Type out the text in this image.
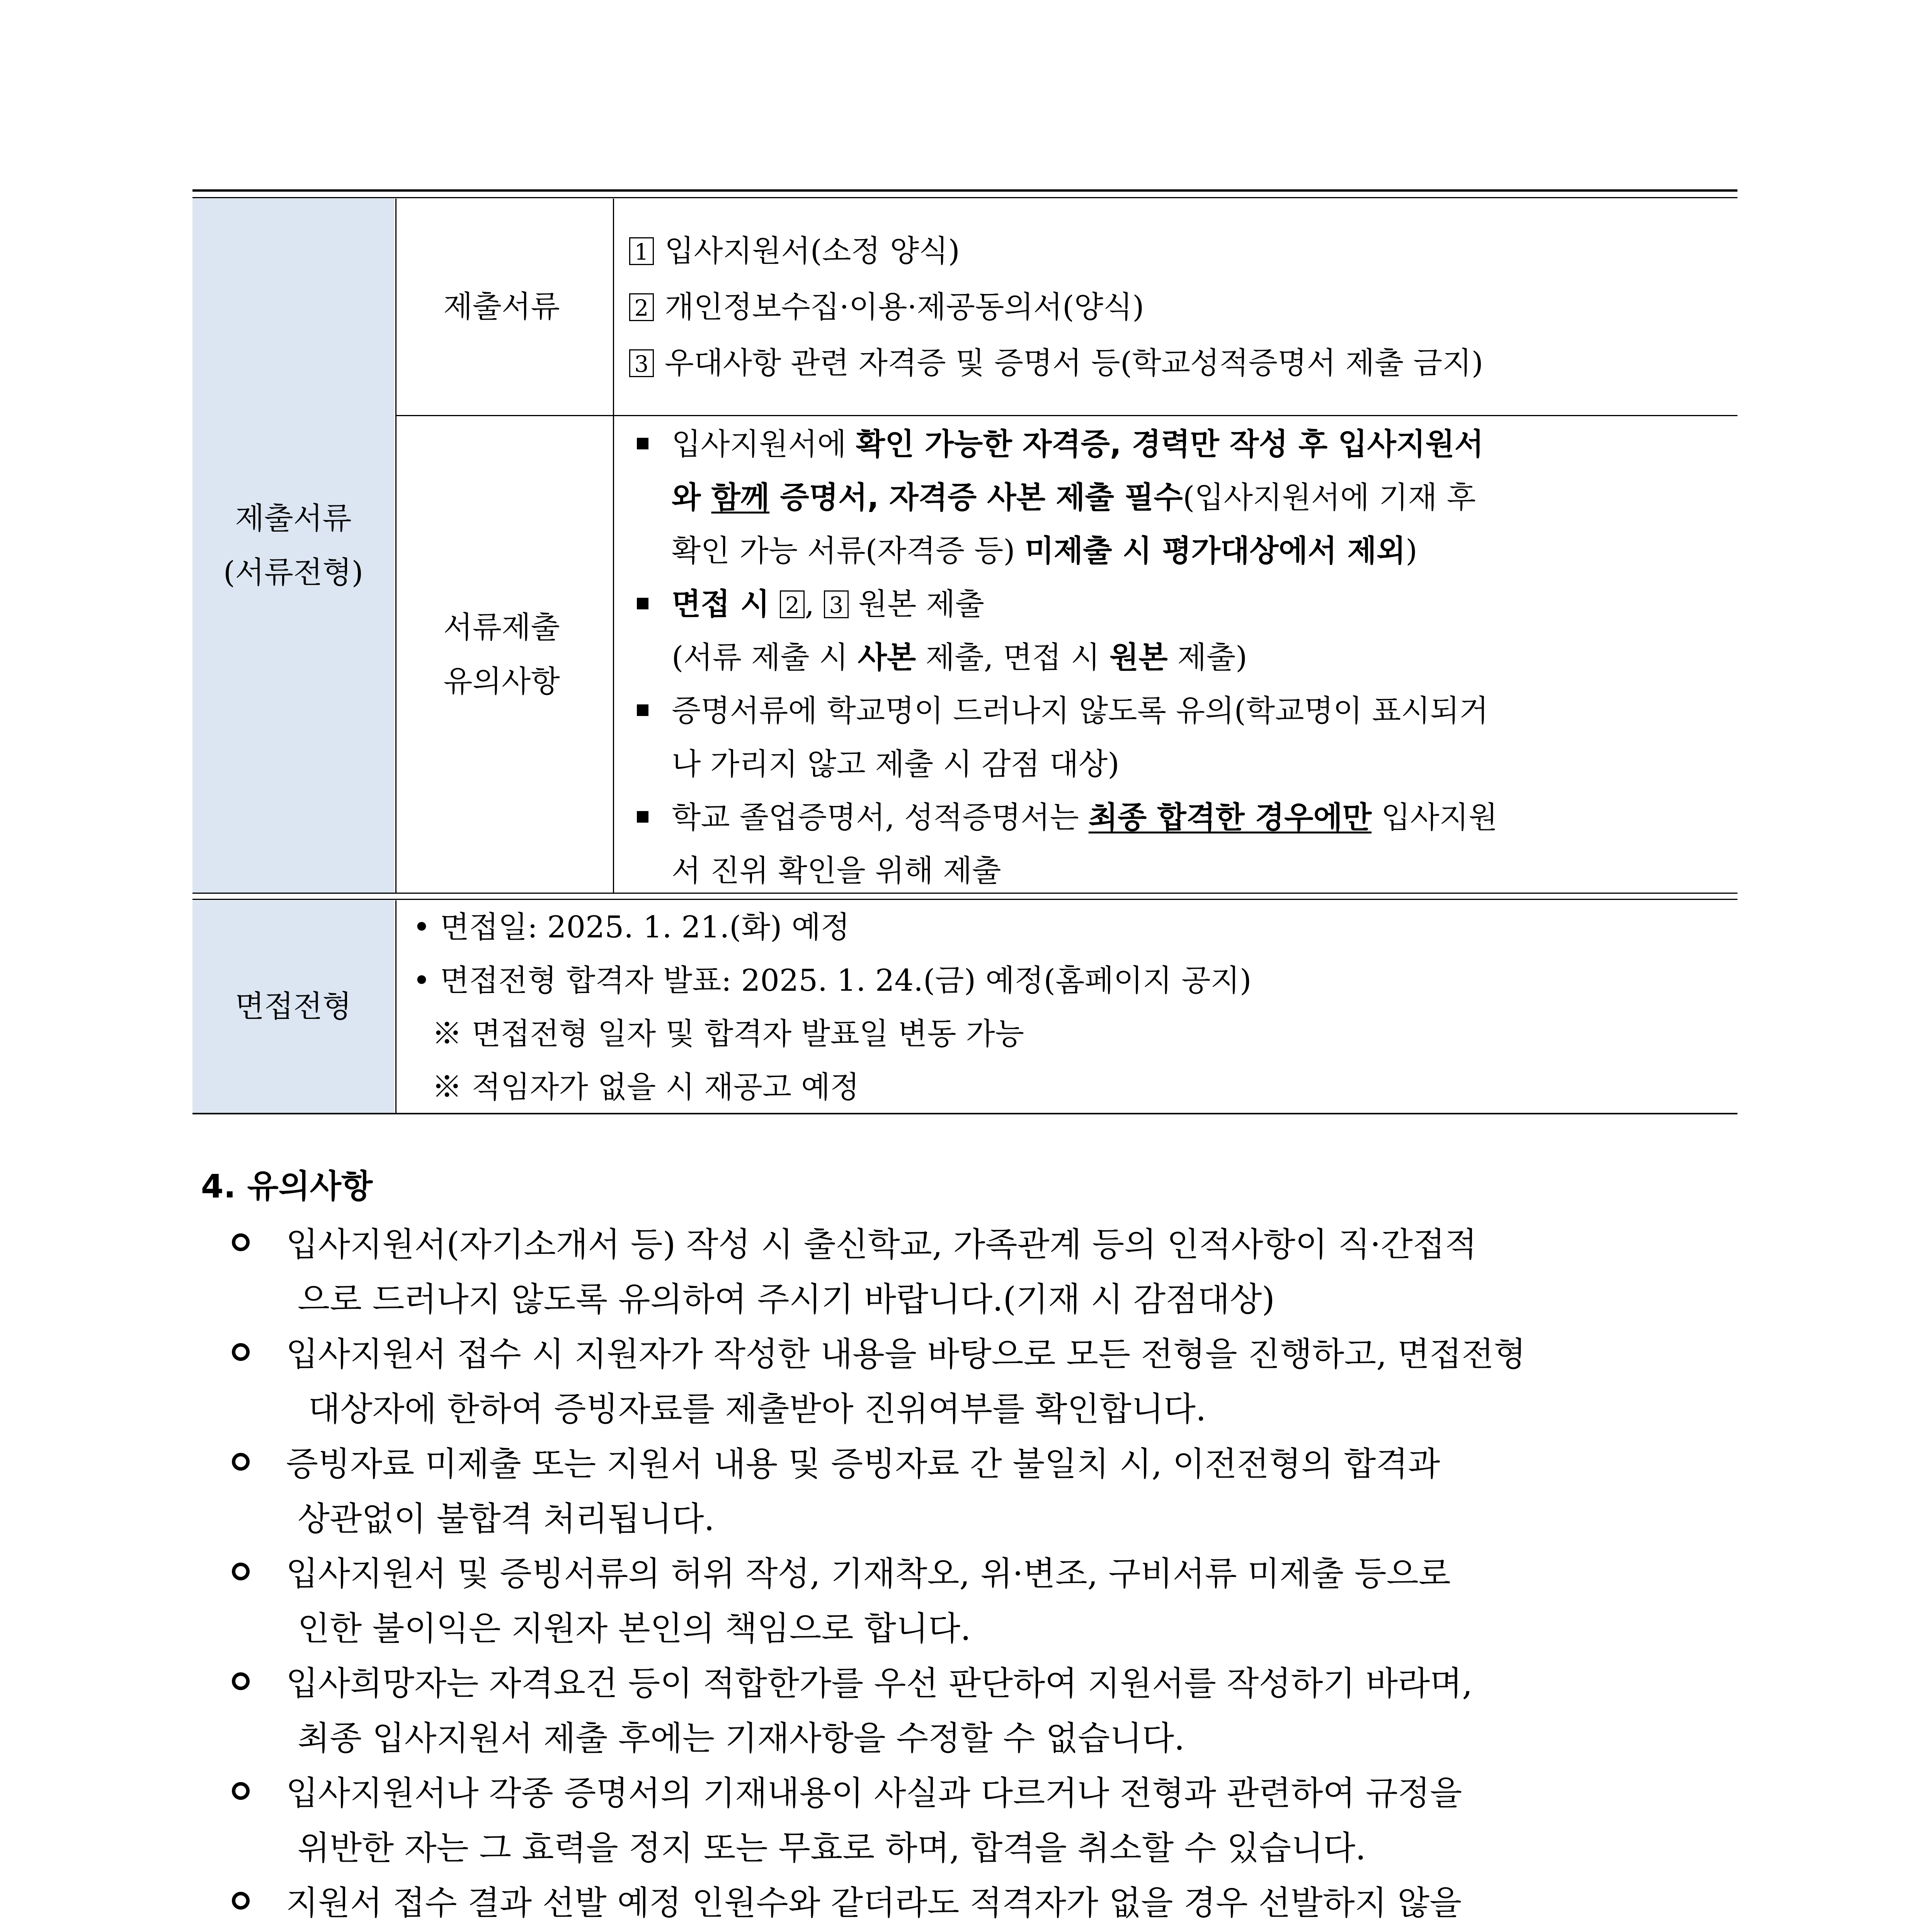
제출서류
(서류전형)
제출서류
1 입사지원서(소정 양식)
2 개인정보수집·이용·제공동의서(양식)
3 우대사항 관련 자격증 및 증명서 등(학교성적증명서 제출 금지)
서류제출
유의사항
입사지원서에 확인 가능한 자격증, 경력만 작성 후 입사지원서
와 함께 증명서, 자격증 사본 제출 필수(입사지원서에 기재 후
확인 가능 서류(자격증 등) 미제출 시 평가대상에서 제외)
면접 시 2 , 3 원본 제출
(서류 제출 시 사본 제출, 면접 시 원본 제출)
증명서류에 학교명이 드러나지 않도록 유의(학교명이 표시되거
나 가리지 않고 제출 시 감점 대상)
학교 졸업증명서, 성적증명서는 최종 합격한 경우에만 입사지원
서 진위 확인을 위해 제출
면접전형
• 면접일: 2025. 1. 21.(화) 예정
• 면접전형 합격자 발표: 2025. 1. 24.(금) 예정(홈페이지 공지)
※ 면접전형 일자 및 합격자 발표일 변동 가능
※ 적임자가 없을 시 재공고 예정
4. 유의사항
입사지원서(자기소개서 등) 작성 시 출신학교, 가족관계 등의 인적사항이 직·간접적
으로 드러나지 않도록 유의하여 주시기 바랍니다.(기재 시 감점대상)
입사지원서 접수 시 지원자가 작성한 내용을 바탕으로 모든 전형을 진행하고, 면접전형
대상자에 한하여 증빙자료를 제출받아 진위여부를 확인합니다.
증빙자료 미제출 또는 지원서 내용 및 증빙자료 간 불일치 시, 이전전형의 합격과
상관없이 불합격 처리됩니다.
입사지원서 및 증빙서류의 허위 작성, 기재착오, 위·변조, 구비서류 미제출 등으로
인한 불이익은 지원자 본인의 책임으로 합니다.
입사희망자는 자격요건 등이 적합한가를 우선 판단하여 지원서를 작성하기 바라며,
최종 입사지원서 제출 후에는 기재사항을 수정할 수 없습니다.
입사지원서나 각종 증명서의 기재내용이 사실과 다르거나 전형과 관련하여 규정을
위반한 자는 그 효력을 정지 또는 무효로 하며, 합격을 취소할 수 있습니다.
지원서 접수 결과 선발 예정 인원수와 같더라도 적격자가 없을 경우 선발하지 않을
